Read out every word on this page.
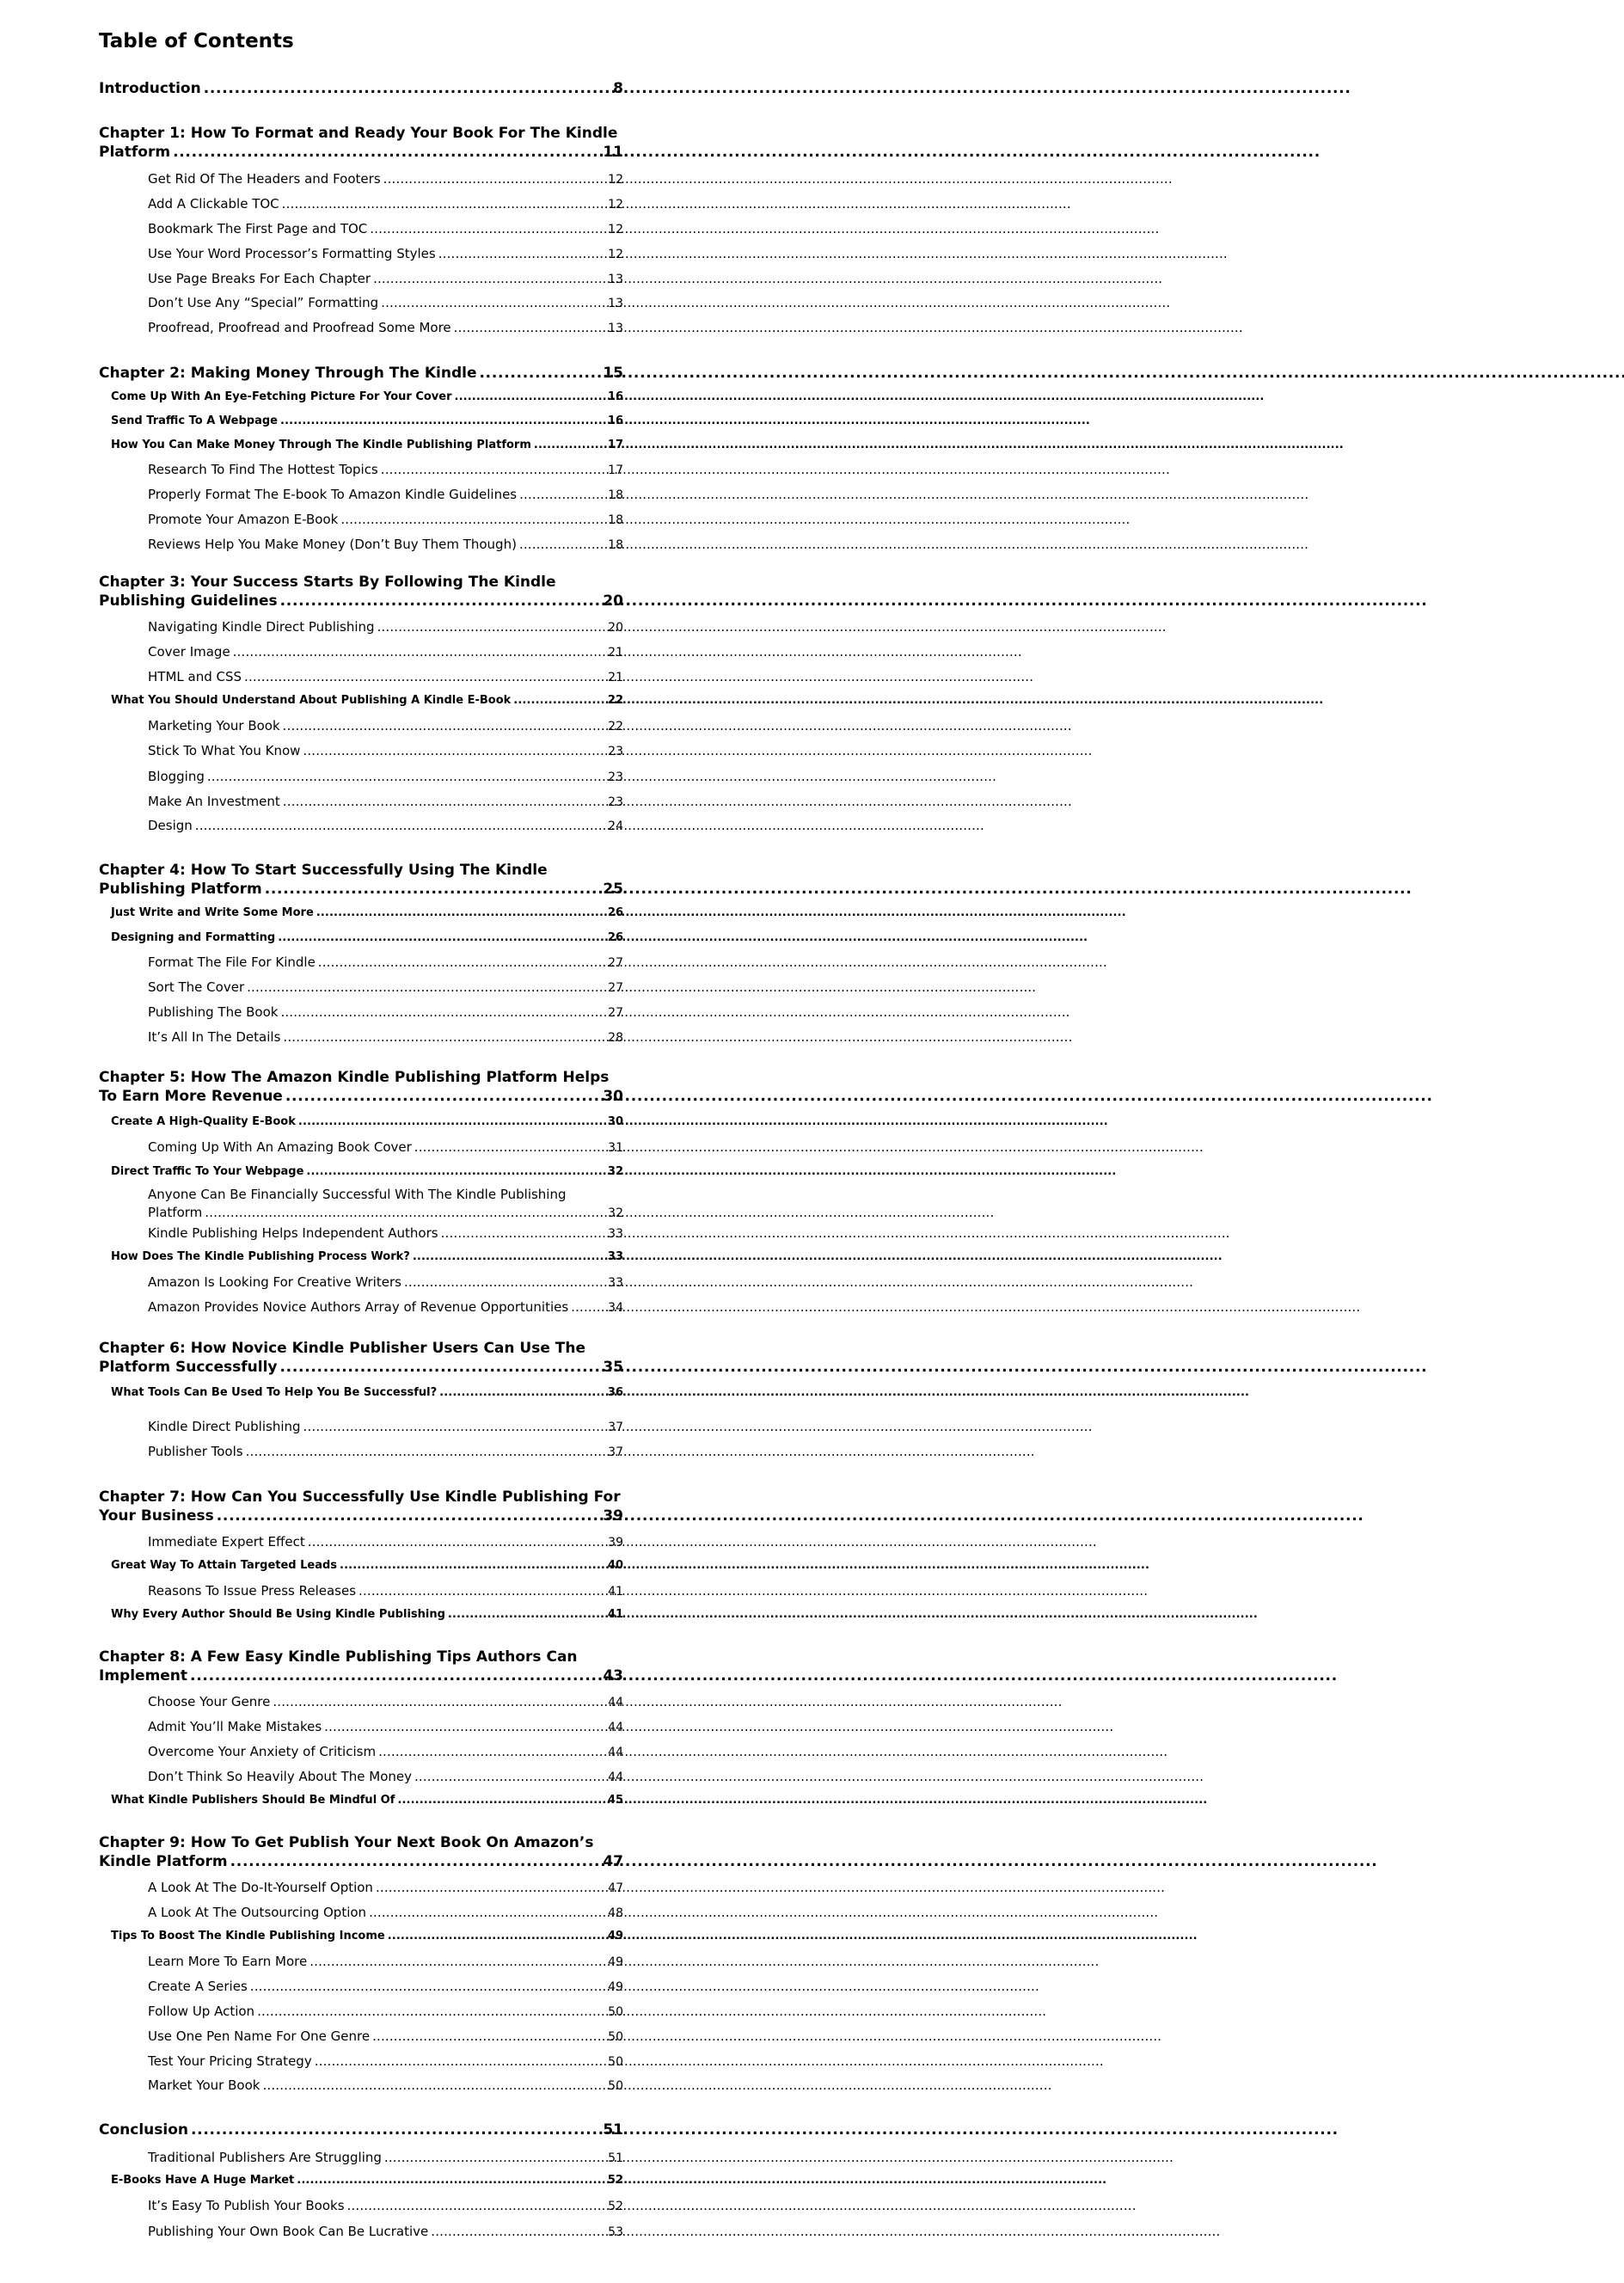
Table of Contents
Introduction . . .	8
Chapter 1: How To Format and Ready Your Book For The Kindle
Platform . . .	11
Get Rid Of The Headers and Footers . . .	12
Add A Clickable TOC . . .	12
Bookmark The First Page and TOC . . .	12
Use Your Word Processor’s Formatting Styles . . .	12
Use Page Breaks For Each Chapter . . .	13
Don’t Use Any “Special” Formatting . . .	13
Proofread, Proofread and Proofread Some More . . .	13
Chapter 2: Making Money Through The Kindle . . .	15
Come Up With An Eye-Fetching Picture For Your Cover . . .	16
Send Traffic To A Webpage . . .	16
How You Can Make Money Through The Kindle Publishing Platform . . .	17
Research To Find The Hottest Topics . . .	17
Properly Format The E-book To Amazon Kindle Guidelines . . .	18
Promote Your Amazon E-Book . . .	18
Reviews Help You Make Money (Don’t Buy Them Though) . . .	18
Chapter 3: Your Success Starts By Following The Kindle
Publishing Guidelines . . .	20
Navigating Kindle Direct Publishing . . .	20
Cover Image . . .	21
HTML and CSS . . .	21
What You Should Understand About Publishing A Kindle E-Book . . .	22
Marketing Your Book . . .	22
Stick To What You Know . . .	23
Blogging . . .	23
Make An Investment . . .	23
Design . . .	24
Chapter 4: How To Start Successfully Using The Kindle
Publishing Platform . . .	25
Just Write and Write Some More . . .	26
Designing and Formatting . . .	26
Format The File For Kindle . . .	27
Sort The Cover . . .	27
Publishing The Book . . .	27
It’s All In The Details . . .	28
Chapter 5: How The Amazon Kindle Publishing Platform Helps
To Earn More Revenue . . .	30
Create A High-Quality E-Book . . .	30
Coming Up With An Amazing Book Cover . . .	31
Direct Traffic To Your Webpage . . .	32
Anyone Can Be Financially Successful With The Kindle Publishing
Platform . . .	32
Kindle Publishing Helps Independent Authors . . .	33
How Does The Kindle Publishing Process Work? . . .	33
Amazon Is Looking For Creative Writers . . .	33
Amazon Provides Novice Authors Array of Revenue Opportunities . . .	34
Chapter 6: How Novice Kindle Publisher Users Can Use The
Platform Successfully . . .	35
What Tools Can Be Used To Help You Be Successful? . . .	36
Kindle Direct Publishing . . .	37
Publisher Tools . . .	37
Chapter 7: How Can You Successfully Use Kindle Publishing For
Your Business . . .	39
Immediate Expert Effect . . .	39
Great Way To Attain Targeted Leads . . .	40
Reasons To Issue Press Releases . . .	41
Why Every Author Should Be Using Kindle Publishing . . .	41
Chapter 8: A Few Easy Kindle Publishing Tips Authors Can
Implement . . .	43
Choose Your Genre . . .	44
Admit You’ll Make Mistakes . . .	44
Overcome Your Anxiety of Criticism . . .	44
Don’t Think So Heavily About The Money . . .	44
What Kindle Publishers Should Be Mindful Of . . .	45
Chapter 9: How To Get Publish Your Next Book On Amazon’s
Kindle Platform . . .	47
A Look At The Do-It-Yourself Option . . .	47
A Look At The Outsourcing Option . . .	48
Tips To Boost The Kindle Publishing Income . . .	49
Learn More To Earn More . . .	49
Create A Series . . .	49
Follow Up Action . . .	50
Use One Pen Name For One Genre . . .	50
Test Your Pricing Strategy . . .	50
Market Your Book . . .	50
Conclusion . . .	51
Traditional Publishers Are Struggling . . .	51
E-Books Have A Huge Market . . .	52
It’s Easy To Publish Your Books . . .	52
Publishing Your Own Book Can Be Lucrative . . .	53
